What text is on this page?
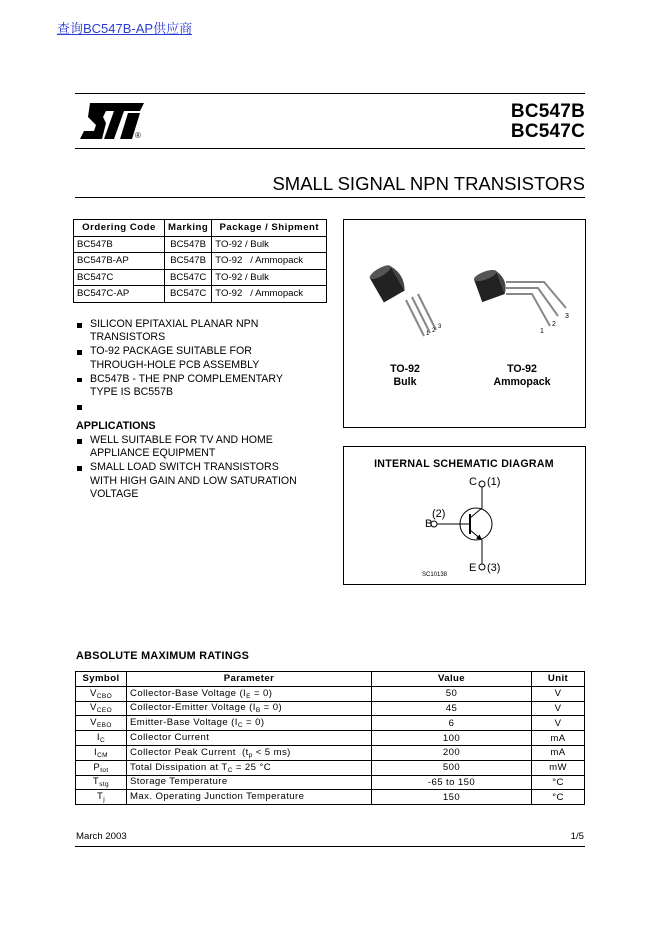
查询BC547B-AP供应商
®
BC547B
BC547C
SMALL SIGNAL NPN TRANSISTORS
Ordering Code	Marking	Package / Shipment
BC547B	BC547B	TO-92 / Bulk
BC547B-AP	BC547B	TO-92   / Ammopack
BC547C	BC547C	TO-92 / Bulk
BC547C-AP	BC547C	TO-92   / Ammopack
SILICON EPITAXIAL PLANAR NPN
TRANSISTORS
TO-92 PACKAGE SUITABLE FOR
THROUGH-HOLE PCB ASSEMBLY
BC547B - THE PNP COMPLEMENTARY
TYPE IS BC557B
APPLICATIONS
WELL SUITABLE FOR TV AND HOME
APPLIANCE EQUIPMENT
SMALL LOAD SWITCH TRANSISTORS
WITH HIGH GAIN AND LOW SATURATION
VOLTAGE
1 2
3
1
2
3
TO-92
Bulk
TO-92
Ammopack
INTERNAL SCHEMATIC DIAGRAM
C (1)
B
(2)
E (3)
SC10138
ABSOLUTE MAXIMUM RATINGS
Symbol	Parameter	Value	Unit
$V_{CBO}$	Collector-Base Voltage $(I_E = 0)$	50	V
$V_{CEO}$	Collector-Emitter Voltage $(I_B = 0)$	45	V
$V_{EBO}$	Emitter-Base Voltage $(I_C = 0)$	6	V
$I_C$	Collector Current	100	mA
$I_{CM}$	Collector Peak Current  ($t_p < 5$ ms)	200	mA
$P_{tot}$	Total Dissipation at $T_C = 25$ °C	500	mW
$T_{stg}$	Storage Temperature	-65 to 150	°C
$T_j$	Max. Operating Junction Temperature	150	°C
March 2003	1/5
